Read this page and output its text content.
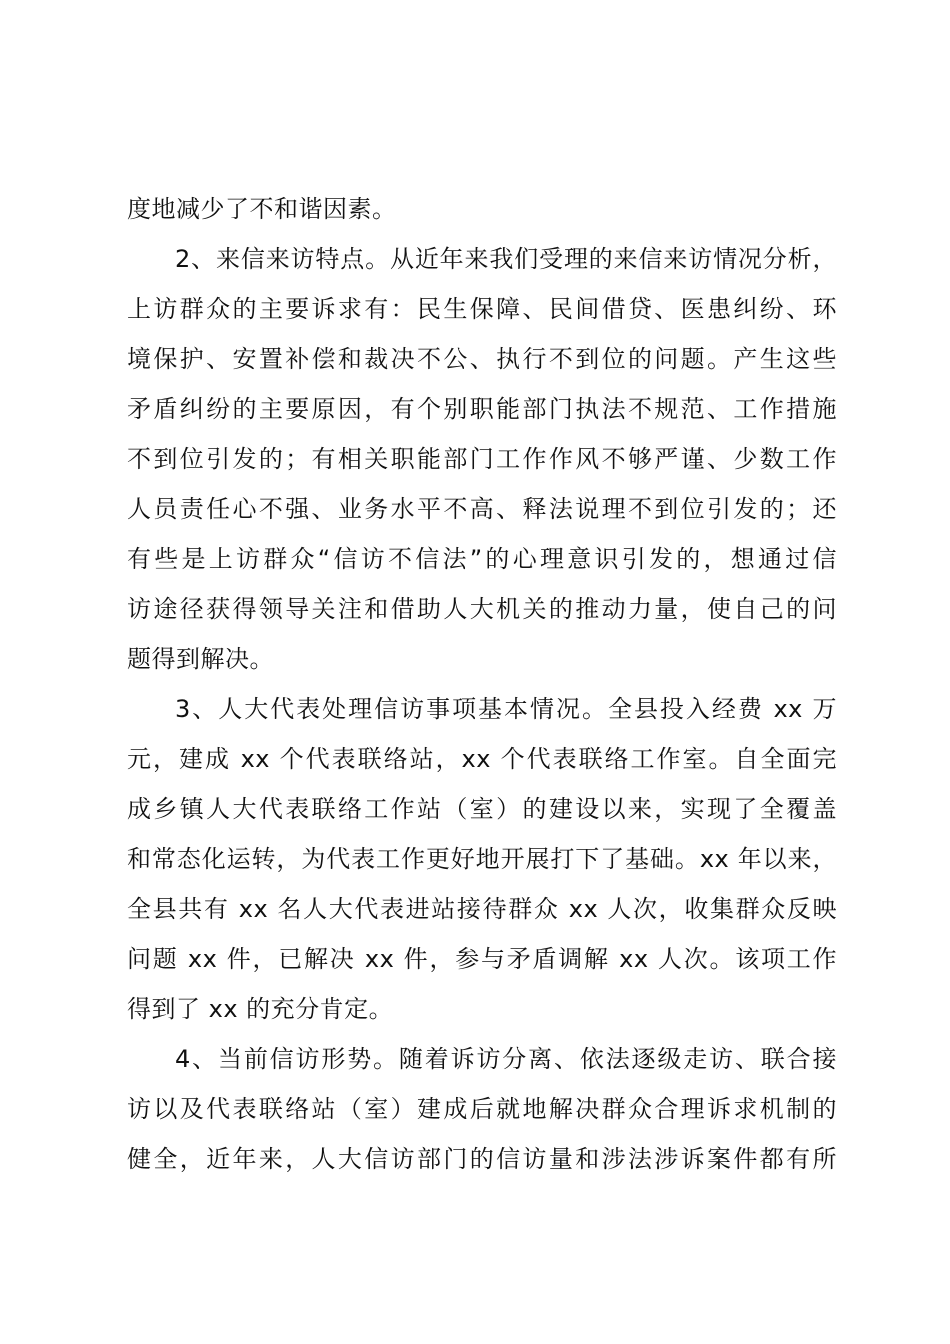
度地减少了不和谐因素。
2、来信来访特点。从近年来我们受理的来信来访情况分析，
上访群众的主要诉求有：民生保障、民间借贷、医患纠纷、环
境保护、安置补偿和裁决不公、执行不到位的问题。产生这些
矛盾纠纷的主要原因，有个别职能部门执法不规范、工作措施
不到位引发的；有相关职能部门工作作风不够严谨、少数工作
人员责任心不强、业务水平不高、释法说理不到位引发的；还
有些是上访群众“信访不信法”的心理意识引发的，想通过信
访途径获得领导关注和借助人大机关的推动力量，使自己的问
题得到解决。
3、人大代表处理信访事项基本情况。全县投入经费 xx 万
元，建成 xx 个代表联络站，xx 个代表联络工作室。自全面完
成乡镇人大代表联络工作站（室）的建设以来，实现了全覆盖
和常态化运转，为代表工作更好地开展打下了基础。xx 年以来，
全县共有 xx 名人大代表进站接待群众 xx 人次，收集群众反映
问题 xx 件，已解决 xx 件，参与矛盾调解 xx 人次。该项工作
得到了 xx 的充分肯定。
4、当前信访形势。随着诉访分离、依法逐级走访、联合接
访以及代表联络站（室）建成后就地解决群众合理诉求机制的
健全，近年来，人大信访部门的信访量和涉法涉诉案件都有所
